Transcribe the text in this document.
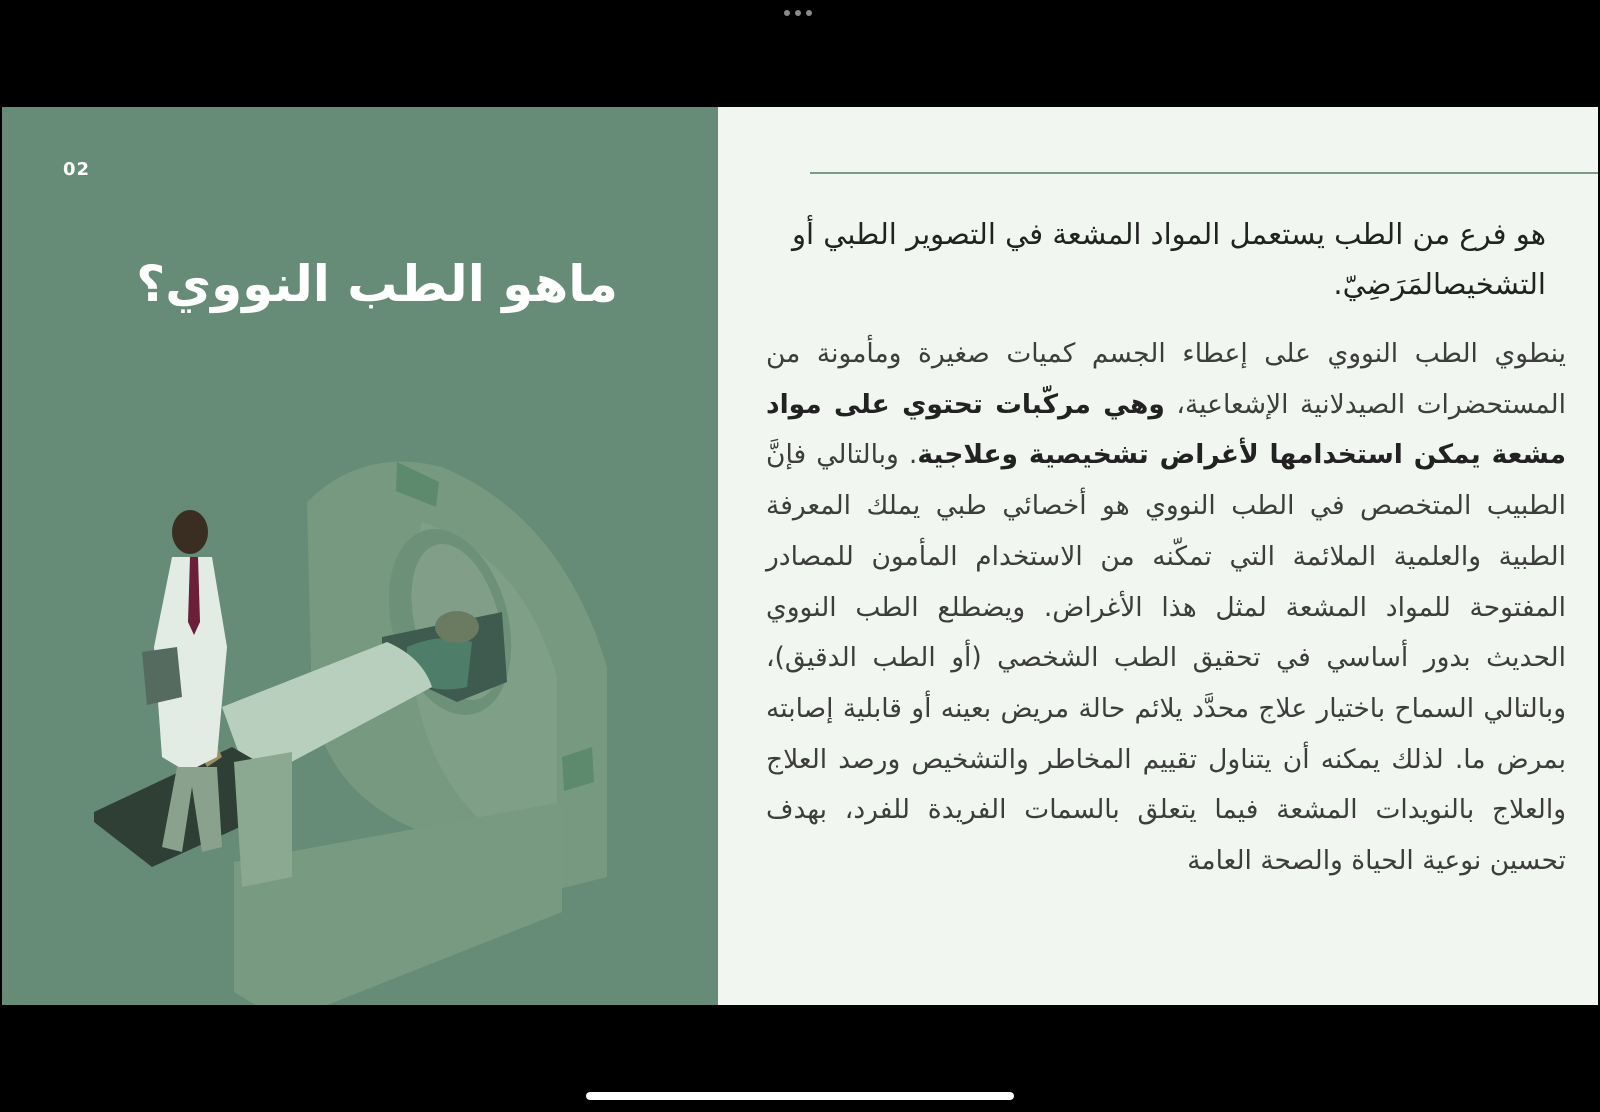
02
ماهو الطب النووي؟

هو فرع من الطب يستعمل المواد المشعة في التصوير الطبي أو التشخيصالمَرَضِيّ.

ينطوي الطب النووي على إعطاء الجسم كميات صغيرة ومأمونة من المستحضرات الصيدلانية الإشعاعية، وهي مركّبات تحتوي على مواد مشعة يمكن استخدامها لأغراض تشخيصية وعلاجية. وبالتالي فإنَّ الطبيب المتخصص في الطب النووي هو أخصائي طبي يملك المعرفة الطبية والعلمية الملائمة التي تمكّنه من الاستخدام المأمون للمصادر المفتوحة للمواد المشعة لمثل هذا الأغراض. ويضطلع الطب النووي الحديث بدور أساسي في تحقيق الطب الشخصي (أو الطب الدقيق)، وبالتالي السماح باختيار علاج محدَّد يلائم حالة مريض بعينه أو قابلية إصابته بمرض ما. لذلك يمكنه أن يتناول تقييم المخاطر والتشخيص ورصد العلاج والعلاج بالنويدات المشعة فيما يتعلق بالسمات الفريدة للفرد، بهدف تحسين نوعية الحياة والصحة العامة
